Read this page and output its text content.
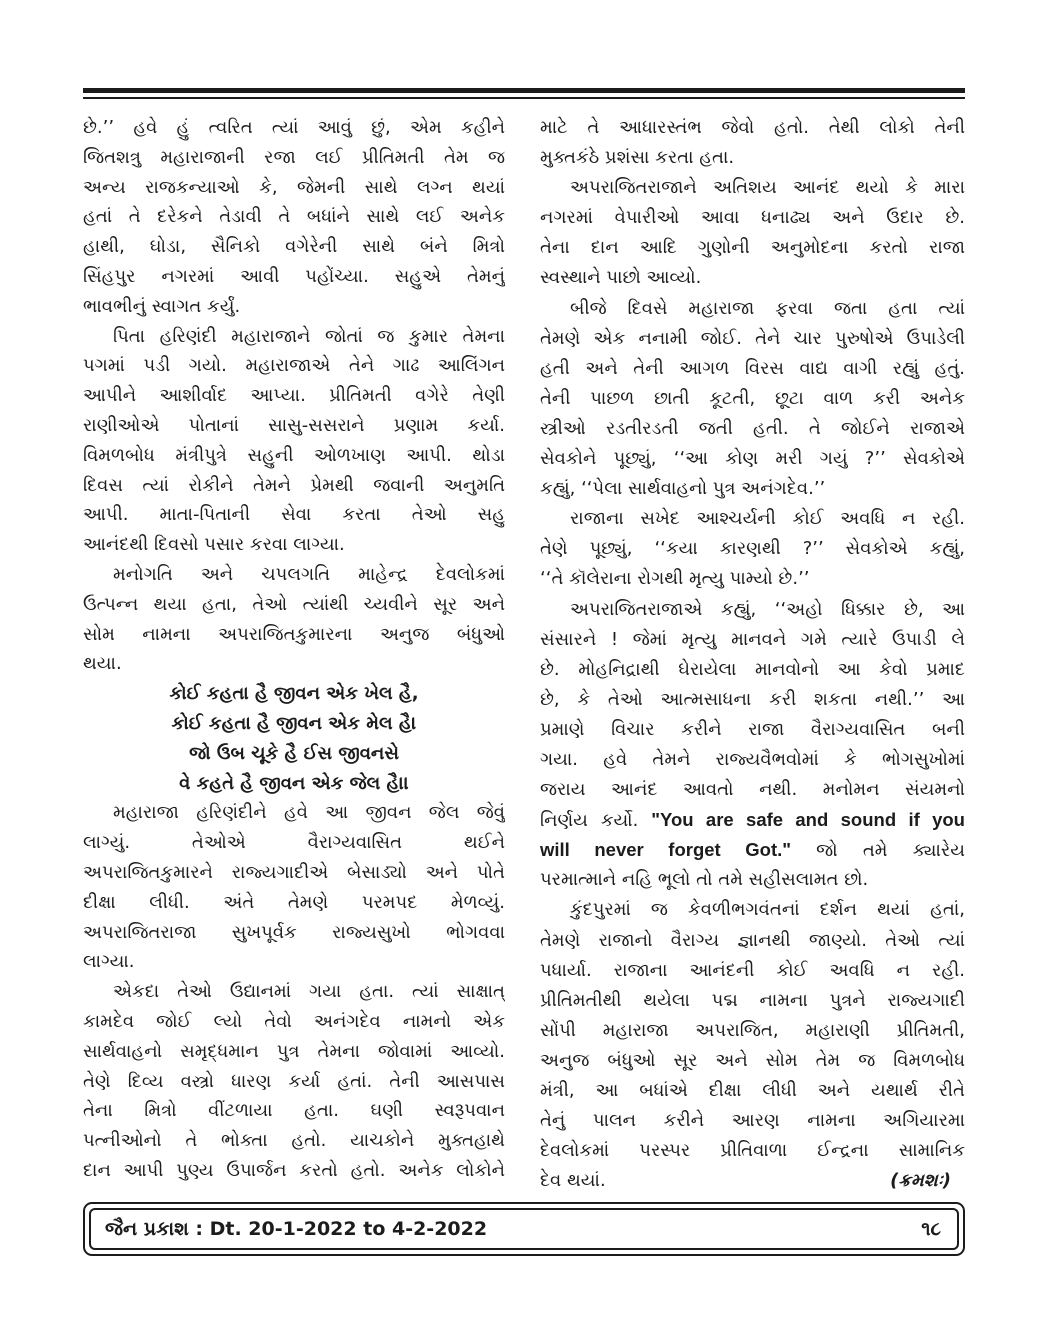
છે.’’ હવે હું ત્વરિત ત્યાં આવું છું, એમ કહીને
જિતશત્રુ મહારાજાની રજા લઈ પ્રીતિમતી તેમ જ
અન્ય રાજકન્યાઓ કે, જેમની સાથે લગ્ન થયાં
હતાં તે દરેકને તેડાવી તે બધાંને સાથે લઈ અનેક
હાથી, ઘોડા, સૈનિકો વગેરેની સાથે બંને મિત્રો
સિંહપુર નગરમાં આવી પહોંચ્યા. સહુએ તેમનું
ભાવભીનું સ્વાગત કર્યું.
પિતા હરિણંદી મહારાજાને જોતાં જ કુમાર તેમના
પગમાં પડી ગયો. મહારાજાએ તેને ગાઢ આલિંગન
આપીને આશીર્વાદ આપ્યા. પ્રીતિમતી વગેરે તેણી
રાણીઓએ પોતાનાં સાસુ-સસરાને પ્રણામ કર્યા.
વિમળબોધ મંત્રીપુત્રે સહુની ઓળખાણ આપી. થોડા
દિવસ ત્યાં રોકીને તેમને પ્રેમથી જવાની અનુમતિ
આપી. માતા-પિતાની સેવા કરતા તેઓ સહુ
આનંદથી દિવસો પસાર કરવા લાગ્યા.
મનોગતિ અને ચપલગતિ માહેન્દ્ર દેવલોકમાં
ઉત્પન્ન થયા હતા, તેઓ ત્યાંથી ચ્યવીને સૂર અને
સોમ નામના અપરાજિતકુમારના અનુજ બંધુઓ
થયા.
કોઈ કહતા હૈ જીવન એક ખેલ હૈ,
કોઈ કહતા હૈ જીવન એક મેલ હૈ।
જો ઉબ ચૂકે હૈ ઈસ જીવનસે
વે કહતે હૈ જીવન એક જેલ હૈ।।
મહારાજા હરિણંદીને હવે આ જીવન જેલ જેવું
લાગ્યું. તેઓએ વૈરાગ્યવાસિત થઈને
અપરાજિતકુમારને રાજ્યગાદીએ બેસાડ્યો અને પોતે
દીક્ષા લીધી. અંતે તેમણે પરમપદ મેળવ્યું.
અપરાજિતરાજા સુખપૂર્વક રાજ્યસુખો ભોગવવા
લાગ્યા.
એકદા તેઓ ઉદ્યાનમાં ગયા હતા. ત્યાં સાક્ષાત્
કામદેવ જોઈ લ્યો તેવો અનંગદેવ નામનો એક
સાર્થવાહનો સમૃદ્ધમાન પુત્ર તેમના જોવામાં આવ્યો.
તેણે દિવ્ય વસ્ત્રો ધારણ કર્યા હતાં. તેની આસપાસ
તેના મિત્રો વીંટળાયા હતા. ઘણી સ્વરૂપવાન
પત્નીઓનો તે ભોક્તા હતો. યાચકોને મુક્તહાથે
દાન આપી પુણ્ય ઉપાર્જન કરતો હતો. અનેક લોકોને
માટે તે આધારસ્તંભ જેવો હતો. તેથી લોકો તેની
મુક્તકંઠે પ્રશંસા કરતા હતા.
અપરાજિતરાજાને અતિશય આનંદ થયો કે મારા
નગરમાં વેપારીઓ આવા ધનાઢ્ય અને ઉદાર છે.
તેના દાન આદિ ગુણોની અનુમોદના કરતો રાજા
સ્વસ્થાને પાછો આવ્યો.
બીજે દિવસે મહારાજા ફરવા જતા હતા ત્યાં
તેમણે એક નનામી જોઈ. તેને ચાર પુરુષોએ ઉપાડેલી
હતી અને તેની આગળ વિરસ વાદ્ય વાગી રહ્યું હતું.
તેની પાછળ છાતી કૂટતી, છૂટા વાળ કરી અનેક
સ્ત્રીઓ રડતીરડતી જતી હતી. તે જોઈને રાજાએ
સેવકોને પૂછ્યું, ‘‘આ કોણ મરી ગયું ?’’ સેવકોએ
કહ્યું, ‘‘પેલા સાર્થવાહનો પુત્ર અનંગદેવ.’’
રાજાના સખેદ આશ્ચર્યની કોઈ અવધિ ન રહી.
તેણે પૂછ્યું, ‘‘કયા કારણથી ?’’ સેવકોએ કહ્યું,
‘‘તે કૉલેરાના રોગથી મૃત્યુ પામ્યો છે.’’
અપરાજિતરાજાએ કહ્યું, ‘‘અહો ધિક્કાર છે, આ
સંસારને ! જેમાં મૃત્યુ માનવને ગમે ત્યારે ઉપાડી લે
છે. મોહનિદ્રાથી ઘેરાયેલા માનવોનો આ કેવો પ્રમાદ
છે, કે તેઓ આત્મસાધના કરી શકતા નથી.’’ આ
પ્રમાણે વિચાર કરીને રાજા વૈરાગ્યવાસિત બની
ગયા. હવે તેમને રાજ્યવૈભવોમાં કે ભોગસુખોમાં
જરાય આનંદ આવતો નથી. મનોમન સંયમનો
નિર્ણય કર્યો. "You are safe and sound if you
will never forget Got." જો તમે ક્યારેય
પરમાત્માને નહિ ભૂલો તો તમે સહીસલામત છો.
કુંદપુરમાં જ કેવળીભગવંતનાં દર્શન થયાં હતાં,
તેમણે રાજાનો વૈરાગ્ય જ્ઞાનથી જાણ્યો. તેઓ ત્યાં
પધાર્યા. રાજાના આનંદની કોઈ અવધિ ન રહી.
પ્રીતિમતીથી થયેલા પદ્મ નામના પુત્રને રાજ્યગાદી
સોંપી મહારાજા અપરાજિત, મહારાણી પ્રીતિમતી,
અનુજ બંધુઓ સૂર અને સોમ તેમ જ વિમળબોધ
મંત્રી, આ બધાંએ દીક્ષા લીધી અને યથાર્થ રીતે
તેનું પાલન કરીને આરણ નામના અગિયારમા
દેવલોકમાં પરસ્પર પ્રીતિવાળા ઈન્દ્રના સામાનિક
દેવ થયાં.	(ક્રમશઃ)
જૈન પ્રકાશ : Dt. 20-1-2022 to 4-2-2022	૧૮
